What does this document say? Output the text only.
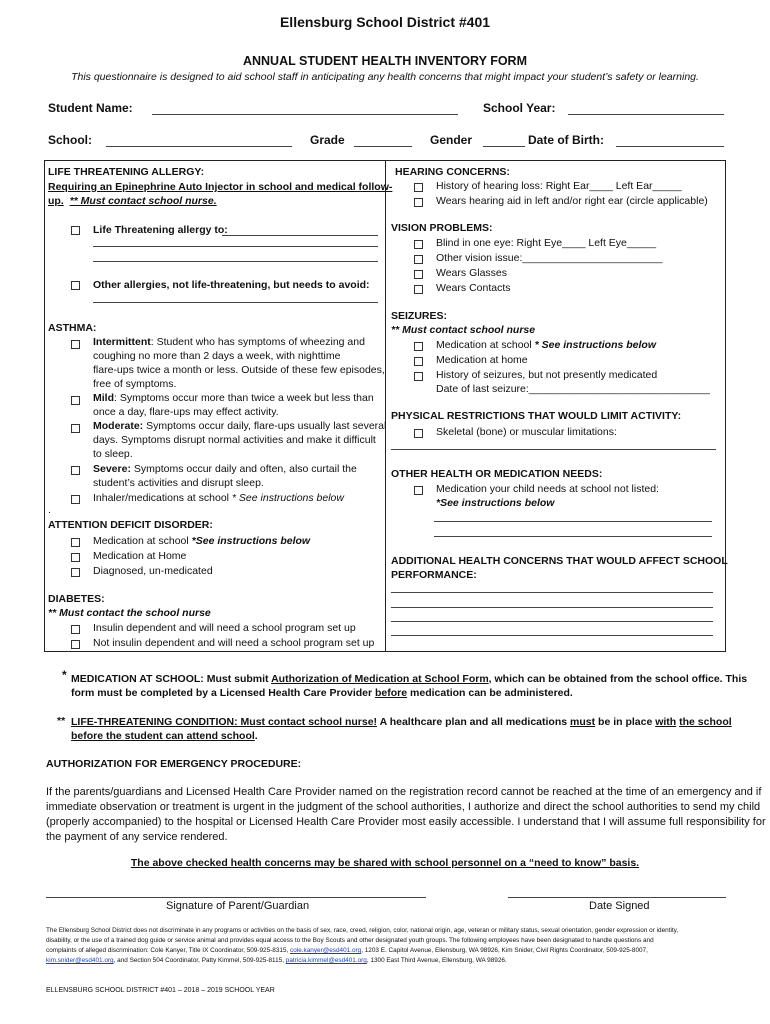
Ellensburg School District #401
ANNUAL STUDENT HEALTH INVENTORY FORM
This questionnaire is designed to aid school staff in anticipating any health concerns that might impact your student’s safety or learning.
Student Name:	School Year:
School:	Grade	Gender	Date of Birth:
LIFE THREATENING ALLERGY:
Requiring an Epinephrine Auto Injector in school and medical follow-
up. ** Must contact school nurse.
Life Threatening allergy to:
Other allergies, not life-threatening, but needs to avoid:
ASTHMA:
Intermittent: Student who has symptoms of wheezing and
coughing no more than 2 days a week, with nighttime
flare-ups twice a month or less. Outside of these few episodes,
free of symptoms.
Mild: Symptoms occur more than twice a week but less than
once a day, flare-ups may effect activity.
Moderate: Symptoms occur daily, flare-ups usually last several
days. Symptoms disrupt normal activities and make it difficult
to sleep.
Severe: Symptoms occur daily and often, also curtail the
student’s activities and disrupt sleep.
Inhaler/medications at school * See instructions below
.
ATTENTION DEFICIT DISORDER:
Medication at school *See instructions below
Medication at Home
Diagnosed, un-medicated
DIABETES:
** Must contact the school nurse
Insulin dependent and will need a school program set up
Not insulin dependent and will need a school program set up
HEARING CONCERNS:
History of hearing loss: Right Ear____ Left Ear_____
Wears hearing aid in left and/or right ear (circle applicable)
VISION PROBLEMS:
Blind in one eye: Right Eye____ Left Eye_____
Other vision issue:________________________
Wears Glasses
Wears Contacts
SEIZURES:
** Must contact school nurse
Medication at school * See instructions below
Medication at home
History of seizures, but not presently medicated
Date of last seizure:_______________________________
PHYSICAL RESTRICTIONS THAT WOULD LIMIT ACTIVITY:
Skeletal (bone) or muscular limitations:
OTHER HEALTH OR MEDICATION NEEDS:
Medication your child needs at school not listed:
*See instructions below
ADDITIONAL HEALTH CONCERNS THAT WOULD AFFECT SCHOOL
PERFORMANCE:
* MEDICATION AT SCHOOL: Must submit Authorization of Medication at School Form, which can be obtained from the school office. This
form must be completed by a Licensed Health Care Provider before medication can be administered.
** LIFE-THREATENING CONDITION: Must contact school nurse! A healthcare plan and all medications must be in place with the school
before the student can attend school.
AUTHORIZATION FOR EMERGENCY PROCEDURE:
If the parents/guardians and Licensed Health Care Provider named on the registration record cannot be reached at the time of an emergency and if
immediate observation or treatment is urgent in the judgment of the school authorities, I authorize and direct the school authorities to send my child
(properly accompanied) to the hospital or Licensed Health Care Provider most easily accessible. I understand that I will assume full responsibility for
the payment of any service rendered.
The above checked health concerns may be shared with school personnel on a “need to know” basis.
Signature of Parent/Guardian	Date Signed
The Ellensburg School District does not discriminate in any programs or activities on the basis of sex, race, creed, religion, color, national origin, age, veteran or military status, sexual orientation, gender expression or identity,
disability, or the use of a trained dog guide or service animal and provides equal access to the Boy Scouts and other designated youth groups. The following employees have been designated to handle questions and
complaints of alleged discrimination: Cole Kanyer, Title IX Coordinator, 509-925-8315, cole.kanyer@esd401.org, 1203 E. Capitol Avenue, Ellensburg, WA 98926, Kim Snider, Civil Rights Coordinator, 509-925-8007,
kim.snider@esd401.org, and Section 504 Coordinator, Patty Kimmel, 509-925-8115, patricia.kimmel@esd401.org, 1300 East Third Avenue, Ellensburg, WA 98926.
ELLENSBURG SCHOOL DISTRICT #401 – 2018 – 2019 SCHOOL YEAR
